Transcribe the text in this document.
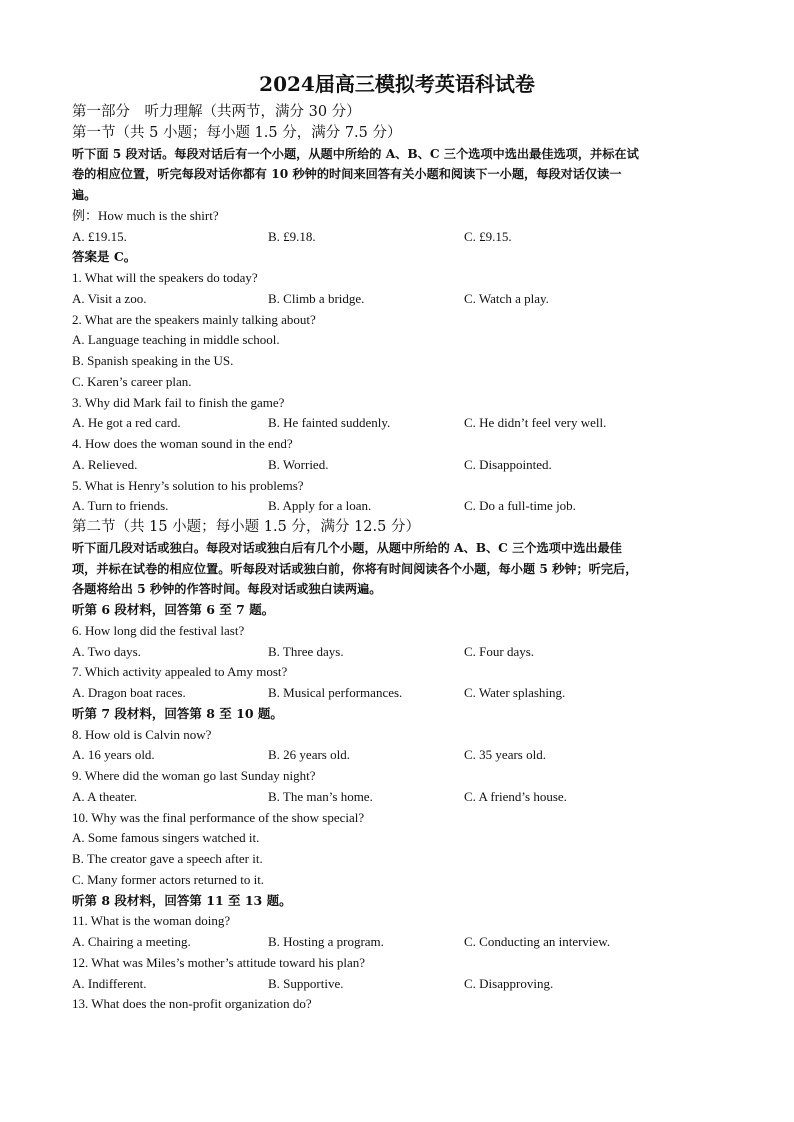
2024届高三模拟考英语科试卷
第一部分　听力理解（共两节，满分 30 分）
第一节（共 5 小题；每小题 1.5 分，满分 7.5 分）
听下面 5 段对话。每段对话后有一个小题，从题中所给的 A、B、C 三个选项中选出最佳选项，并标在试
卷的相应位置，听完每段对话你都有 10 秒钟的时间来回答有关小题和阅读下一小题，每段对话仅读一
遍。
例：How much is the shirt?
A. £19.15.	B. £9.18.	C. £9.15.
答案是 C。
1. What will the speakers do today?
A. Visit a zoo.	B. Climb a bridge.	C. Watch a play.
2. What are the speakers mainly talking about?
A. Language teaching in middle school.
B. Spanish speaking in the US.
C. Karen’s career plan.
3. Why did Mark fail to finish the game?
A. He got a red card.	B. He fainted suddenly.	C. He didn’t feel very well.
4. How does the woman sound in the end?
A. Relieved.	B. Worried.	C. Disappointed.
5. What is Henry’s solution to his problems?
A. Turn to friends.	B. Apply for a loan.	C. Do a full-time job.
第二节（共 15 小题；每小题 1.5 分，满分 12.5 分）
听下面几段对话或独白。每段对话或独白后有几个小题，从题中所给的 A、B、C 三个选项中选出最佳
项，并标在试卷的相应位置。听每段对话或独白前，你将有时间阅读各个小题，每小题 5 秒钟；听完后，
各题将给出 5 秒钟的作答时间。每段对话或独白读两遍。
听第 6 段材料，回答第 6 至 7 题。
6. How long did the festival last?
A. Two days.	B. Three days.	C. Four days.
7. Which activity appealed to Amy most?
A. Dragon boat races.	B. Musical performances.	C. Water splashing.
听第 7 段材料，回答第 8 至 10 题。
8. How old is Calvin now?
A. 16 years old.	B. 26 years old.	C. 35 years old.
9. Where did the woman go last Sunday night?
A. A theater.	B. The man’s home.	C. A friend’s house.
10. Why was the final performance of the show special?
A. Some famous singers watched it.
B. The creator gave a speech after it.
C. Many former actors returned to it.
听第 8 段材料，回答第 11 至 13 题。
11. What is the woman doing?
A. Chairing a meeting.	B. Hosting a program.	C. Conducting an interview.
12. What was Miles’s mother’s attitude toward his plan?
A. Indifferent.	B. Supportive.	C. Disapproving.
13. What does the non-profit organization do?
